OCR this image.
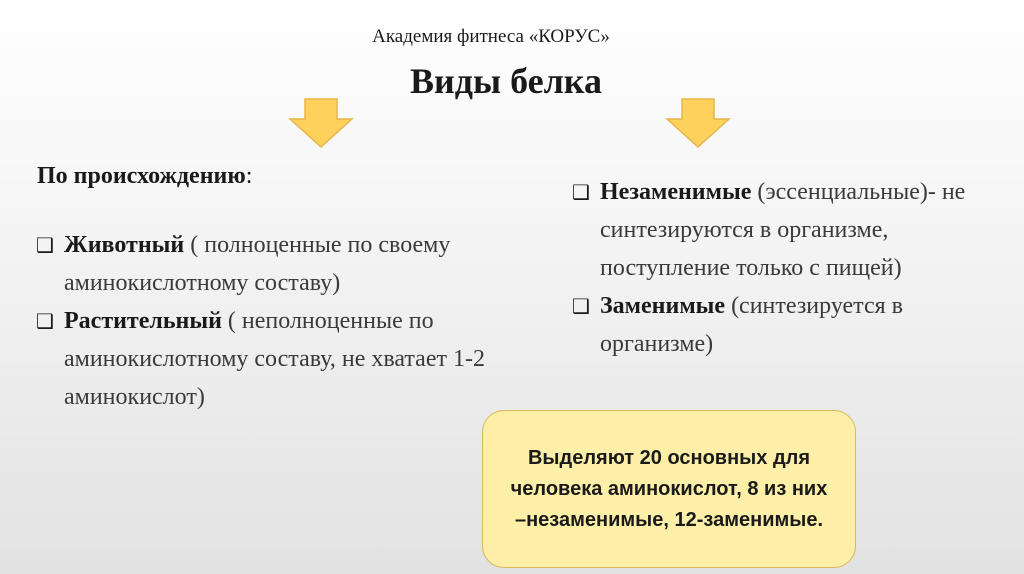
Академия фитнеса «КОРУС»
Виды белка
По происхождению:

❑ Животный ( полноценные по своему аминокислотному составу)

❑ Растительный ( неполноценные по аминокислотному составу, не хватает 1-2 аминокислот)

❑ Незаменимые (эссенциальные)- не синтезируются в организме, поступление только с пищей)

❑ Заменимые (синтезируется в организме)

Выделяют 20 основных для человека аминокислот, 8 из них –незаменимые, 12-заменимые.
